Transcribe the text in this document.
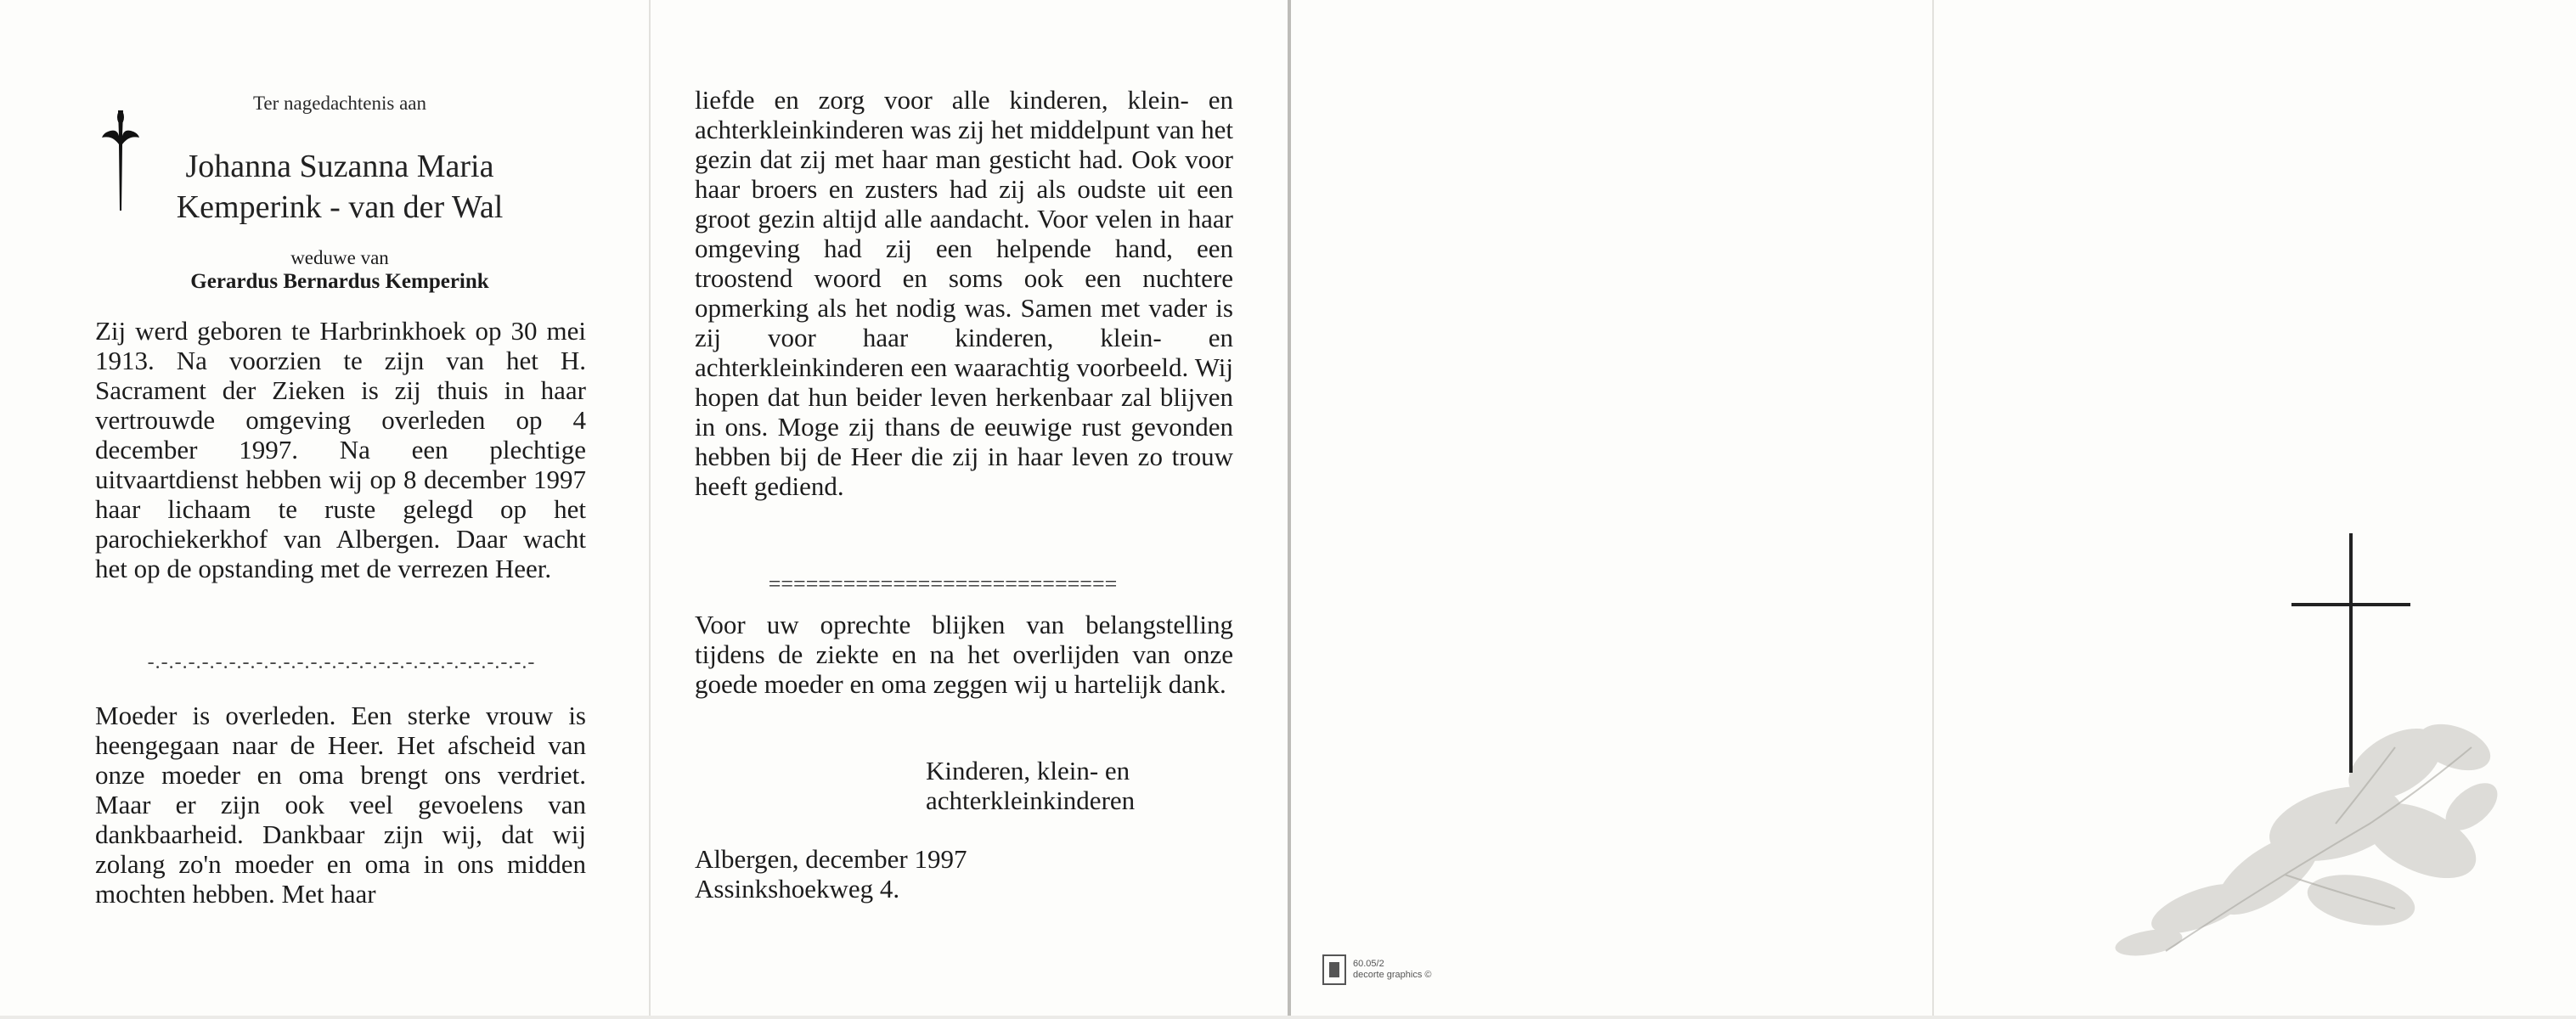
Ter nagedachtenis aan
Johanna Suzanna Maria
Kemperink - van der Wal
weduwe van
Gerardus Bernardus Kemperink
Zij werd geboren te Harbrinkhoek op 30 mei 1913. Na voorzien te zijn van het H. Sacrament der Zieken is zij thuis in haar vertrouwde omgeving overleden op 4 december 1997. Na een plechtige uitvaartdienst hebben wij op 8 december 1997 haar lichaam te ruste gelegd op het parochiekerkhof van Albergen. Daar wacht het op de opstanding met de verrezen Heer.
-.-.-.-.-.-.-.-.-.-.-.-.-.-.-.-.-.-.-.-.-.-.-.-.-.-.-.-.-
Moeder is overleden. Een sterke vrouw is heengegaan naar de Heer. Het afscheid van onze moeder en oma brengt ons verdriet. Maar er zijn ook veel gevoelens van dankbaarheid. Dankbaar zijn wij, dat wij zolang zo'n moeder en oma in ons midden mochten hebben. Met haar
liefde en zorg voor alle kinderen, klein- en achterkleinkinderen was zij het middelpunt van het gezin dat zij met haar man gesticht had. Ook voor haar broers en zusters had zij als oudste uit een groot gezin altijd alle aandacht. Voor velen in haar omgeving had zij een helpende hand, een troostend woord en soms ook een nuchtere opmerking als het nodig was. Samen met vader is zij voor haar kinderen, klein- en achterkleinkinderen een waarachtig voorbeeld. Wij hopen dat hun beider leven herkenbaar zal blijven in ons. Moge zij thans de eeuwige rust gevonden hebben bij de Heer die zij in haar leven zo trouw heeft gediend.
============================
Voor uw oprechte blijken van belangstelling tijdens de ziekte en na het overlijden van onze goede moeder en oma zeggen wij u hartelijk dank.
Kinderen, klein- en
achterkleinkinderen
Albergen, december 1997
Assinkshoekweg 4.
60.05/2
decorte graphics ©
